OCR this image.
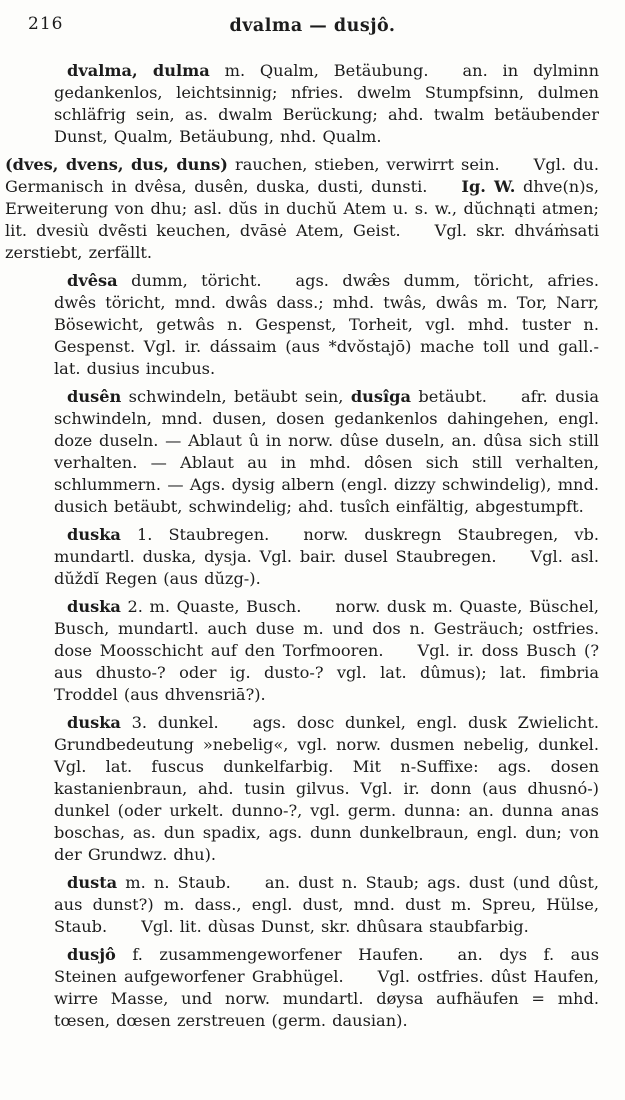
216	dvalma — dusjô.

dvalma, dulma m. Qualm, Betäubung. an. in dylminn gedankenlos, leichtsinnig; nfries. dwelm Stumpfsinn, dulmen schläfrig sein, as. dwalm Berückung; ahd. twalm betäubender Dunst, Qualm, Betäubung, nhd. Qualm.

(dves, dvens, dus, duns) rauchen, stieben, verwirrt sein. Vgl. du. Germanisch in dvêsa, dusên, duska, dusti, dunsti. Ig. W. dhve(n)s, Erweiterung von dhu; asl. dŭs in duchŭ Atem u. s. w., dŭchnąti atmen; lit. dvesiù dvė̃sti keuchen, dvāsė Atem, Geist. Vgl. skr. dhváṁsati zerstiebt, zerfällt.

dvêsa dumm, töricht. ags. dwæ̂s dumm, töricht, afries. dwês töricht, mnd. dwâs dass.; mhd. twâs, dwâs m. Tor, Narr, Bösewicht, getwâs n. Gespenst, Torheit, vgl. mhd. tuster n. Gespenst. Vgl. ir. dássaim (aus *dvŏstajō) mache toll und gall.-lat. dusius incubus.

dusên schwindeln, betäubt sein, dusîga betäubt. afr. dusia schwindeln, mnd. dusen, dosen gedankenlos dahingehen, engl. doze duseln. — Ablaut û in norw. dûse duseln, an. dûsa sich still verhalten. — Ablaut au in mhd. dôsen sich still verhalten, schlummern. — Ags. dysig albern (engl. dizzy schwindelig), mnd. dusich betäubt, schwindelig; ahd. tusîch einfältig, abgestumpft.

duska 1. Staubregen. norw. duskregn Staubregen, vb. mundartl. duska, dysja. Vgl. bair. dusel Staubregen. Vgl. asl. dŭždĭ Regen (aus dŭzg-).

duska 2. m. Quaste, Busch. norw. dusk m. Quaste, Büschel, Busch, mundartl. auch duse m. und dos n. Gesträuch; ostfries. dose Moosschicht auf den Torfmooren. Vgl. ir. doss Busch (? aus dhusto-? oder ig. dusto-? vgl. lat. dûmus); lat. fimbria Troddel (aus dhvensriā?).

duska 3. dunkel. ags. dosc dunkel, engl. dusk Zwielicht. Grundbedeutung »nebelig«, vgl. norw. dusmen nebelig, dunkel. Vgl. lat. fuscus dunkelfarbig. Mit n-Suffixe: ags. dosen kastanienbraun, ahd. tusin gilvus. Vgl. ir. donn (aus dhusnó-) dunkel (oder urkelt. dunno-?, vgl. germ. dunna: an. dunna anas boschas, as. dun spadix, ags. dunn dunkelbraun, engl. dun; von der Grundwz. dhu).

dusta m. n. Staub. an. dust n. Staub; ags. dust (und dûst, aus dunst?) m. dass., engl. dust, mnd. dust m. Spreu, Hülse, Staub. Vgl. lit. dùsas Dunst, skr. dhûsara staubfarbig.

dusjô f. zusammengeworfener Haufen. an. dys f. aus Steinen aufgeworfener Grabhügel. Vgl. ostfries. dûst Haufen, wirre Masse, und norw. mundartl. døysa aufhäufen = mhd. tœsen, dœsen zerstreuen (germ. dausian).
